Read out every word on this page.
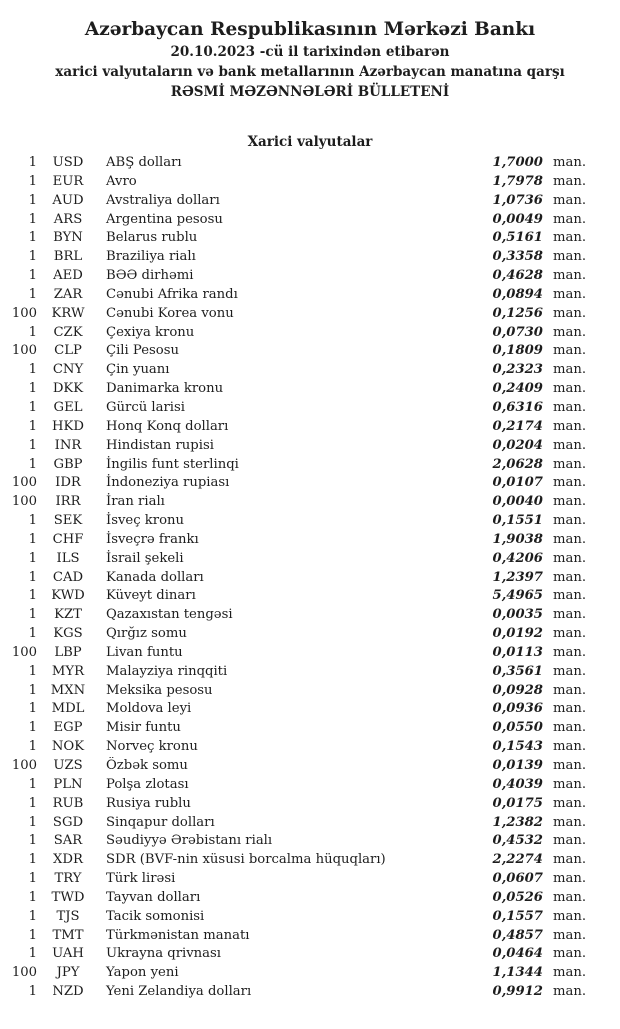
Azərbaycan Respublikasının Mərkəzi Bankı
20.10.2023 -cü il tarixindən etibarən
xarici valyutaların və bank metallarının Azərbaycan manatına qarşı
RƏSMİ MƏZƏNNƏLƏRİ BÜLLETENİ
Xarici valyutalar
1	USD	ABŞ dolları	1,7000 man.
1	EUR	Avro	1,7978 man.
1	AUD	Avstraliya dolları	1,0736 man.
1	ARS	Argentina pesosu	0,0049 man.
1	BYN	Belarus rublu	0,5161 man.
1	BRL	Braziliya rialı	0,3358 man.
1	AED	BƏƏ dirhəmi	0,4628 man.
1	ZAR	Cənubi Afrika randı	0,0894 man.
100	KRW	Cənubi Korea vonu	0,1256 man.
1	CZK	Çexiya kronu	0,0730 man.
100	CLP	Çili Pesosu	0,1809 man.
1	CNY	Çin yuanı	0,2323 man.
1	DKK	Danimarka kronu	0,2409 man.
1	GEL	Gürcü larisi	0,6316 man.
1	HKD	Honq Konq dolları	0,2174 man.
1	INR	Hindistan rupisi	0,0204 man.
1	GBP	İngilis funt sterlinqi	2,0628 man.
100	IDR	İndoneziya rupiası	0,0107 man.
100	IRR	İran rialı	0,0040 man.
1	SEK	İsveç kronu	0,1551 man.
1	CHF	İsveçrə frankı	1,9038 man.
1	ILS	İsrail şekeli	0,4206 man.
1	CAD	Kanada dolları	1,2397 man.
1	KWD	Küveyt dinarı	5,4965 man.
1	KZT	Qazaxıstan tengəsi	0,0035 man.
1	KGS	Qırğız somu	0,0192 man.
100	LBP	Livan funtu	0,0113 man.
1	MYR	Malayziya rinqqiti	0,3561 man.
1	MXN	Meksika pesosu	0,0928 man.
1	MDL	Moldova leyi	0,0936 man.
1	EGP	Misir funtu	0,0550 man.
1	NOK	Norveç kronu	0,1543 man.
100	UZS	Özbək somu	0,0139 man.
1	PLN	Polşa zlotası	0,4039 man.
1	RUB	Rusiya rublu	0,0175 man.
1	SGD	Sinqapur dolları	1,2382 man.
1	SAR	Səudiyyə Ərəbistanı rialı	0,4532 man.
1	XDR	SDR (BVF-nin xüsusi borcalma hüquqları)	2,2274 man.
1	TRY	Türk lirəsi	0,0607 man.
1	TWD	Tayvan dolları	0,0526 man.
1	TJS	Tacik somonisi	0,1557 man.
1	TMT	Türkmənistan manatı	0,4857 man.
1	UAH	Ukrayna qrivnası	0,0464 man.
100	JPY	Yapon yeni	1,1344 man.
1	NZD	Yeni Zelandiya dolları	0,9912 man.
